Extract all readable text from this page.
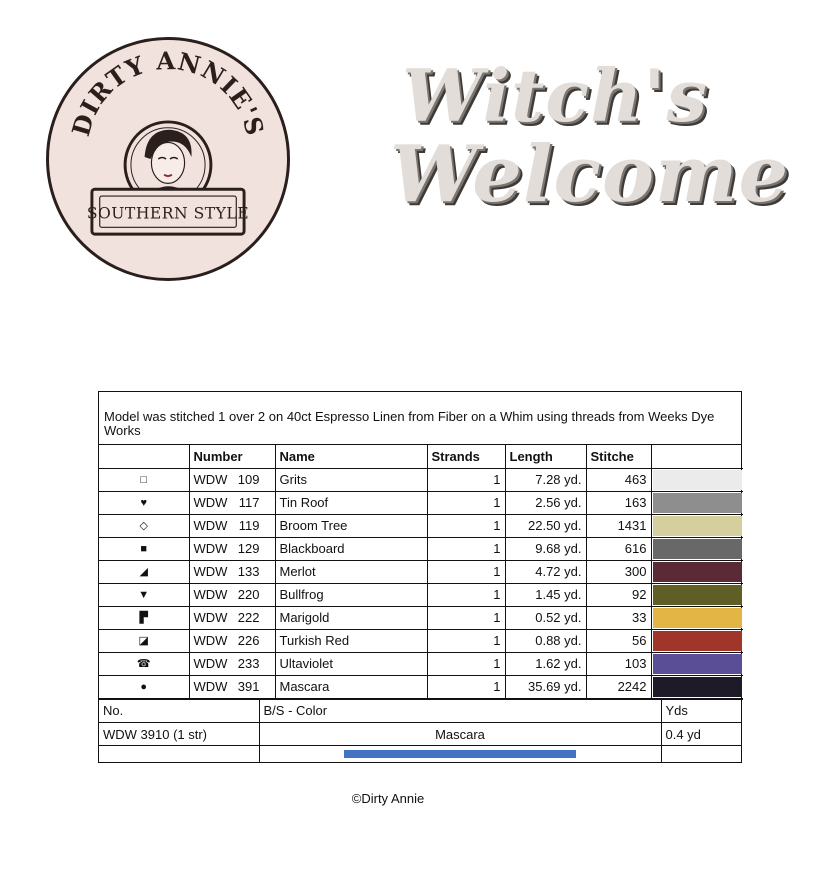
DIRTY ANNIE'S
SOUTHERN STYLE
Witch's
Welcome
Model was stitched 1 over 2 on 40ct Espresso Linen from Fiber on a Whim using threads from Weeks Dye Works
	Number	Name	Strands	Length	Stitche	
□	WDW 109	Grits	1	7.28 yd.	463	

♥	WDW 117	Tin Roof	1	2.56 yd.	163	

◇	WDW 119	Broom Tree	1	22.50 yd.	1431	

■	WDW 129	Blackboard	1	9.68 yd.	616	

◢	WDW 133	Merlot	1	4.72 yd.	300	

▼	WDW 220	Bullfrog	1	1.45 yd.	92	

▛	WDW 222	Marigold	1	0.52 yd.	33	

◪	WDW 226	Turkish Red	1	0.88 yd.	56	

☎	WDW 233	Ultaviolet	1	1.62 yd.	103	

●	WDW 391	Mascara	1	35.69 yd.	2242	
No.	B/S - Color	Yds
WDW 3910 (1 str)	Mascara	0.4 yd

©Dirty Annie
